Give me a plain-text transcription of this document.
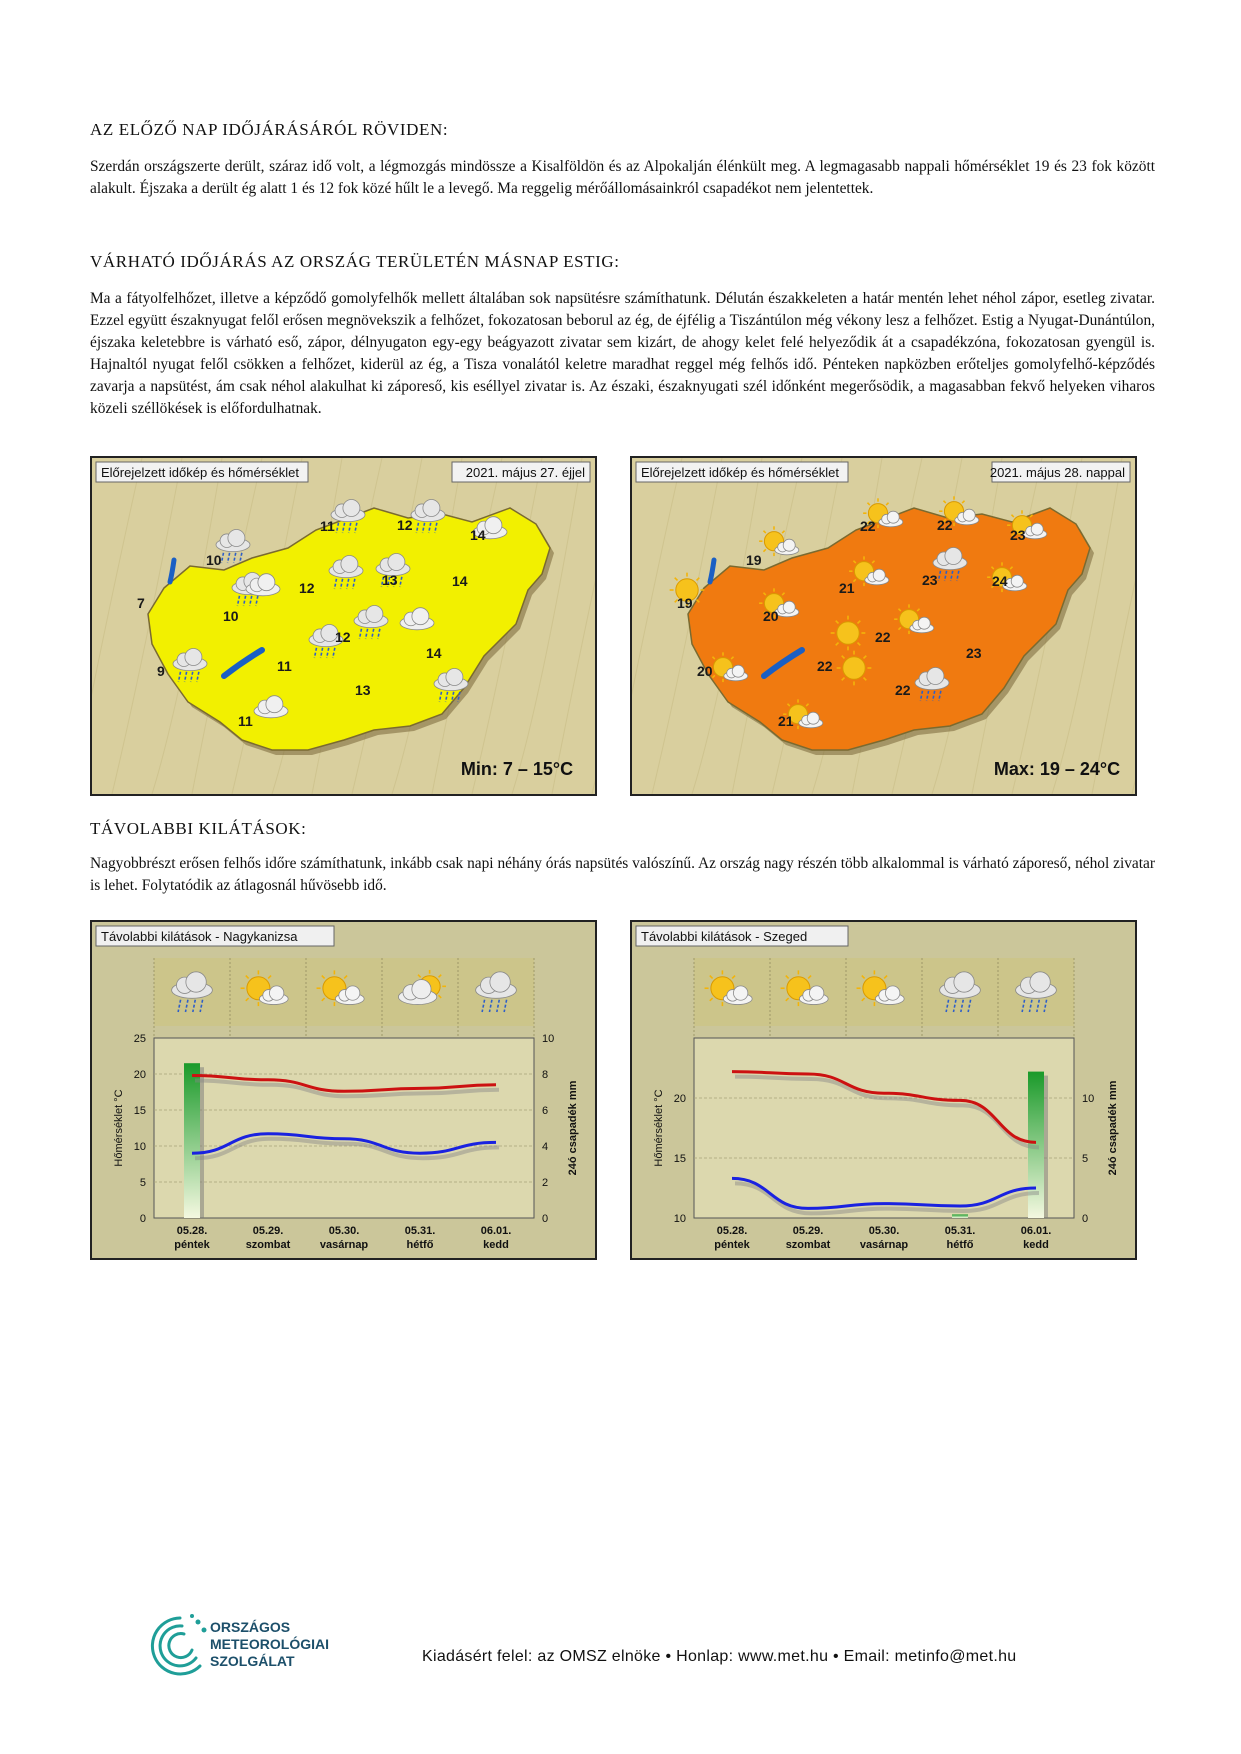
AZ ELŐZŐ NAP IDŐJÁRÁSÁRÓL RÖVIDEN:
Szerdán országszerte derült, száraz idő volt, a légmozgás mindössze a Kisalföldön és az Alpokalján élénkült meg. A legmagasabb nappali hőmérséklet 19 és 23 fok között alakult. Éjszaka a derült ég alatt 1 és 12 fok közé hűlt le a levegő. Ma reggelig mérőállomásainkról csapadékot nem jelentettek.
VÁRHATÓ IDŐJÁRÁS AZ ORSZÁG TERÜLETÉN MÁSNAP ESTIG:
Ma a fátyolfelhőzet, illetve a képződő gomolyfelhők mellett általában sok napsütésre számíthatunk. Délután északkeleten a határ mentén lehet néhol zápor, esetleg zivatar. Ezzel együtt északnyugat felől erősen megnövekszik a felhőzet, fokozatosan beborul az ég, de éjfélig a Tiszántúlon még vékony lesz a felhőzet. Estig a Nyugat-Dunántúlon, éjszaka keletebbre is várható eső, zápor, délnyugaton egy-egy beágyazott zivatar sem kizárt, de ahogy kelet felé helyeződik át a csapadékzóna, fokozatosan gyengül is. Hajnaltól nyugat felől csökken a felhőzet, kiderül az ég, a Tisza vonalától keletre maradhat reggel még felhős idő. Pénteken napközben erőteljes gomolyfelhő-képződés zavarja a napsütést, ám csak néhol alakulhat ki záporeső, kis eséllyel zivatar is. Az északi, északnyugati szél időnként megerősödik, a magasabban fekvő helyeken viharos közeli széllökések is előfordulhatnak.
11	12
14
10
12	13	14
7
10
12
14
9	11
13
11
Előrejelzett időkép és hőmérséklet	2021. május 27. éjjel
Min: 7 – 15°C
22	22
23
19
21	23	24
19
20
22
23
20	22
22
21
Előrejelzett időkép és hőmérséklet	2021. május 28. nappal
Max: 19 – 24°C
TÁVOLABBI KILÁTÁSOK:
Nagyobbrészt erősen felhős időre számíthatunk, inkább csak napi néhány órás napsütés valószínű. Az ország nagy részén több alkalommal is várható záporeső, néhol zivatar is lehet. Folytatódik az átlagosnál hűvösebb idő.
Távolabbi kilátások - Nagykanizsa
0
5
10
15
20
25
0
2
4
6
8
10
Hőmérséklet °C	24ó csapadék mm
05.28.
péntek
05.29.
szombat
05.30.
vasárnap
05.31.
hétfő
06.01.
kedd
Távolabbi kilátások - Szeged
10
15
20
0
5
10
Hőmérséklet °C	24ó csapadék mm
05.28.
péntek
05.29.
szombat
05.30.
vasárnap
05.31.
hétfő
06.01.
kedd
ORSZÁGOS
METEOROLÓGIAI
SZOLGÁLAT	Kiadásért felel: az OMSZ elnöke • Honlap: www.met.hu • Email: metinfo@met.hu
